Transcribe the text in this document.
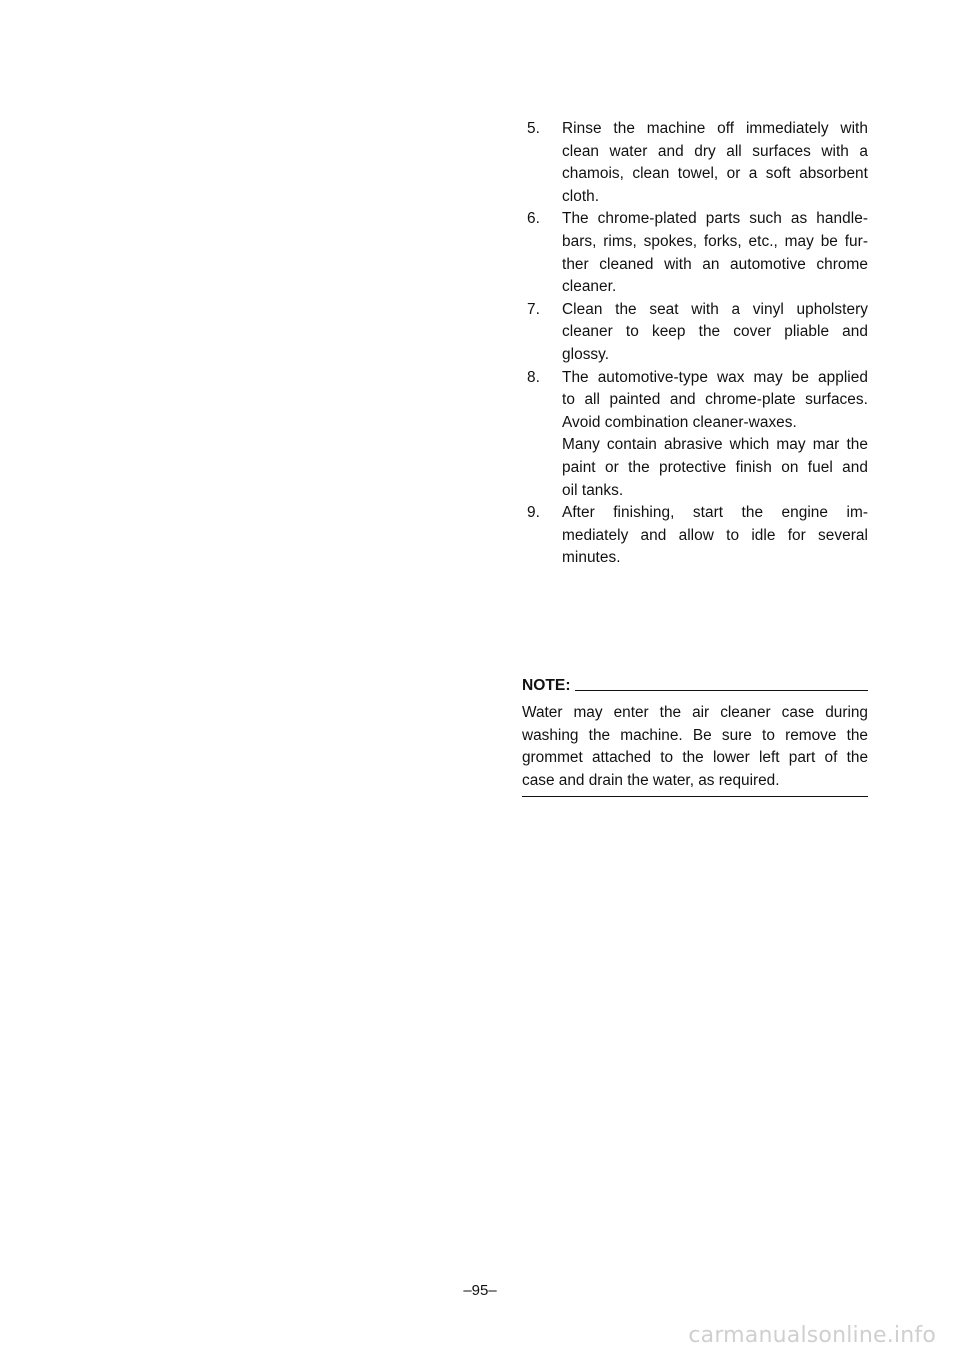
5.	Rinse the machine off immediately with
clean water and dry all surfaces with a
chamois, clean towel, or a soft absorbent
cloth.
6.	The chrome-plated parts such as handle-
bars, rims, spokes, forks, etc., may be fur-
ther cleaned with an automotive chrome
cleaner.
7.	Clean the seat with a vinyl upholstery
cleaner to keep the cover pliable and
glossy.
8.	The automotive-type wax may be applied
to all painted and chrome-plate surfaces.
Avoid combination cleaner-waxes.
Many contain abrasive which may mar the
paint or the protective finish on fuel and
oil tanks.
9.	After finishing, start the engine im-
mediately and allow to idle for several
minutes.
NOTE:
Water may enter the air cleaner case during
washing the machine. Be sure to remove the
grommet attached to the lower left part of the
case and drain the water, as required.
–95–
carmanualsonline.info
